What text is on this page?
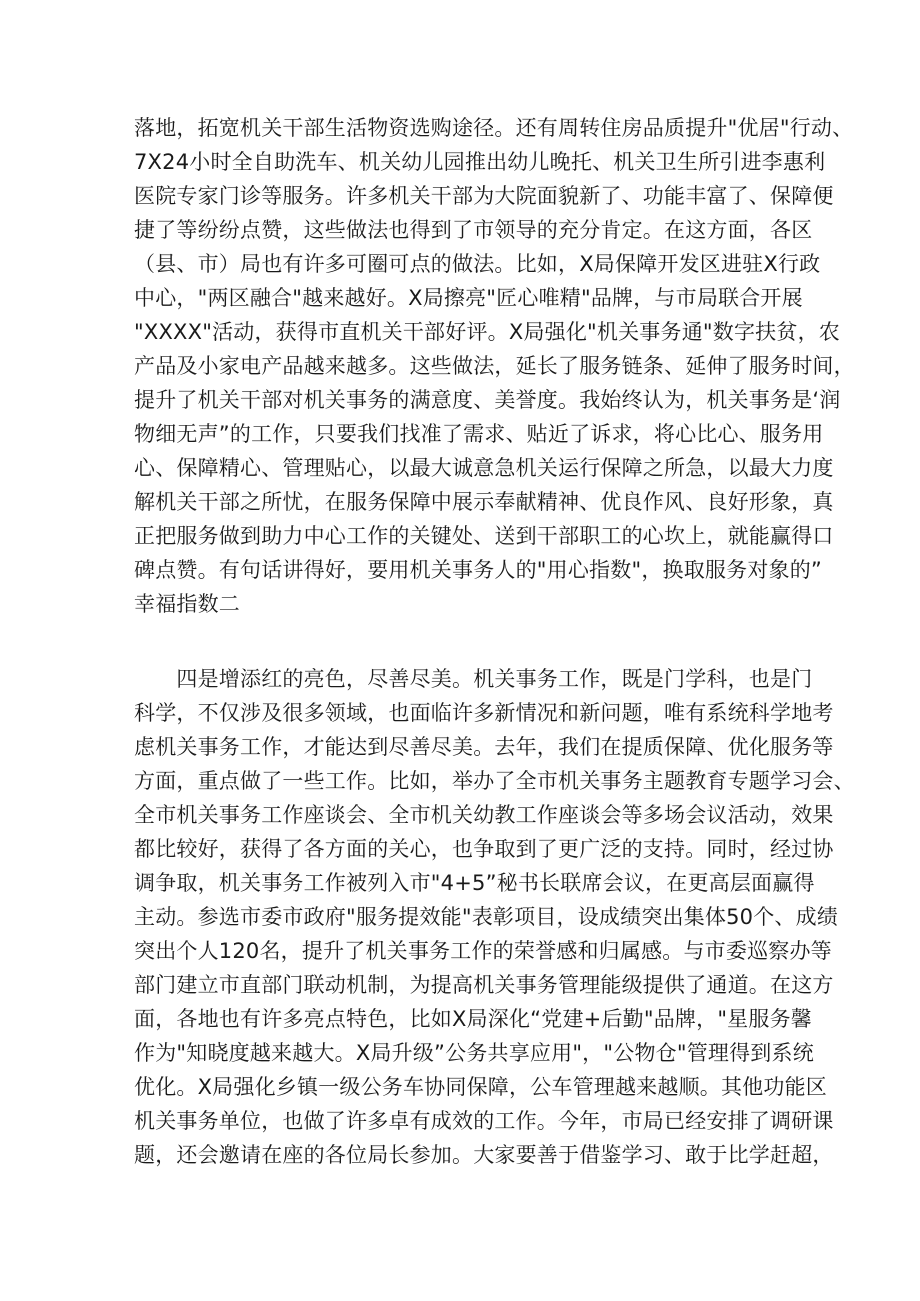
落地，拓宽机关干部生活物资选购途径。还有周转住房品质提升"优居"行动、
7X24小时全自助洗车、机关幼儿园推出幼儿晚托、机关卫生所引进李惠利
医院专家门诊等服务。许多机关干部为大院面貌新了、功能丰富了、保障便
捷了等纷纷点赞，这些做法也得到了市领导的充分肯定。在这方面，各区
（县、市）局也有许多可圈可点的做法。比如，X局保障开发区进驻X行政
中心，"两区融合"越来越好。X局擦亮"匠心唯精"品牌，与市局联合开展
"XXXX"活动，获得市直机关干部好评。X局强化"机关事务通"数字扶贫，农
产品及小家电产品越来越多。这些做法，延长了服务链条、延伸了服务时间，
提升了机关干部对机关事务的满意度、美誉度。我始终认为，机关事务是‘润
物细无声”的工作，只要我们找准了需求、贴近了诉求，将心比心、服务用
心、保障精心、管理贴心，以最大诚意急机关运行保障之所急，以最大力度
解机关干部之所忧，在服务保障中展示奉献精神、优良作风、良好形象，真
正把服务做到助力中心工作的关键处、送到干部职工的心坎上，就能赢得口
碑点赞。有句话讲得好，要用机关事务人的"用心指数"，换取服务对象的”
幸福指数二
　　四是增添红的亮色，尽善尽美。机关事务工作，既是门学科，也是门
科学，不仅涉及很多领域，也面临许多新情况和新问题，唯有系统科学地考
虑机关事务工作，才能达到尽善尽美。去年，我们在提质保障、优化服务等
方面，重点做了一些工作。比如，举办了全市机关事务主题教育专题学习会、
全市机关事务工作座谈会、全市机关幼教工作座谈会等多场会议活动，效果
都比较好，获得了各方面的关心，也争取到了更广泛的支持。同时，经过协
调争取，机关事务工作被列入市"4+5”秘书长联席会议，在更高层面赢得
主动。参选市委市政府"服务提效能"表彰项目，设成绩突出集体50个、成绩
突出个人120名，提升了机关事务工作的荣誉感和归属感。与市委巡察办等
部门建立市直部门联动机制，为提高机关事务管理能级提供了通道。在这方
面，各地也有许多亮点特色，比如X局深化“党建+后勤"品牌，"星服务馨
作为"知晓度越来越大。X局升级”公务共享应用"，"公物仓"管理得到系统
优化。X局强化乡镇一级公务车协同保障，公车管理越来越顺。其他功能区
机关事务单位，也做了许多卓有成效的工作。今年，市局已经安排了调研课
题，还会邀请在座的各位局长参加。大家要善于借鉴学习、敢于比学赶超，
